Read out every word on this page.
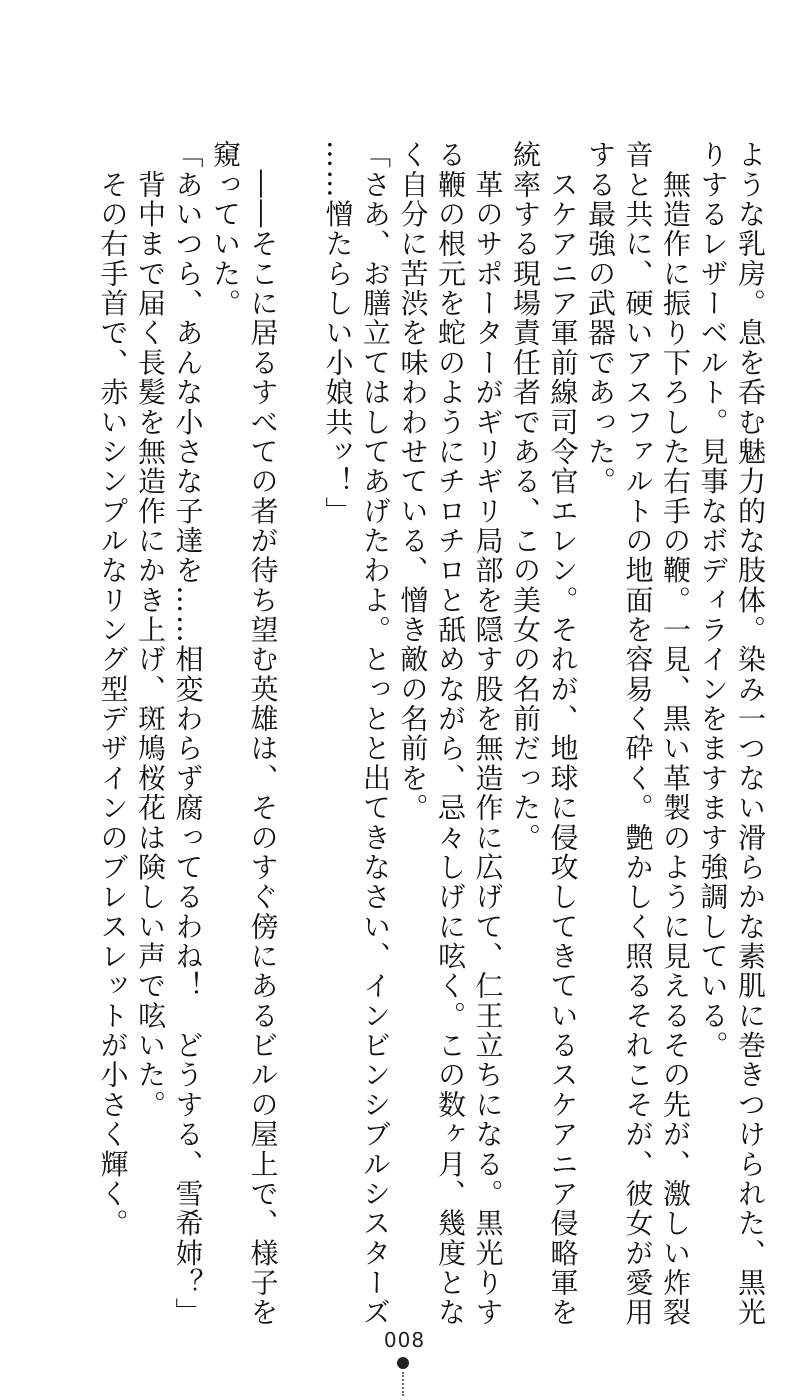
ような乳房。息を呑む魅力的な肢体。染み一つない滑らかな素肌に巻きつけられた、黒光
りするレザーベルト。見事なボディラインをますます強調している。
　無造作に振り下ろした右手の鞭。一見、黒い革製のように見えるその先が、激しい炸裂
音と共に、硬いアスファルトの地面を容易く砕く。艶かしく照るそれこそが、彼女が愛用
する最強の武器であった。
　スケアニア軍前線司令官エレン。それが、地球に侵攻してきているスケアニア侵略軍を
統率する現場責任者である、この美女の名前だった。
　革のサポーターがギリギリ局部を隠す股を無造作に広げて、仁王立ちになる。黒光りす
る鞭の根元を蛇のようにチロチロと舐めながら、忌々しげに呟く。この数ヶ月、幾度とな
く自分に苦渋を味わわせている、憎き敵の名前を。
「さあ、お膳立てはしてあげたわよ。とっとと出てきなさい、インビンシブルシスターズ
……憎たらしい小娘共ッ！」
　――そこに居るすべての者が待ち望む英雄は、そのすぐ傍にあるビルの屋上で、様子を
窺っていた。
「あいつら、あんな小さな子達を……相変わらず腐ってるわね！　どうする、雪希姉？」
　背中まで届く長髪を無造作にかき上げ、斑鳩桜花は険しい声で呟いた。
　その右手首で、赤いシンプルなリング型デザインのブレスレットが小さく輝く。
008
